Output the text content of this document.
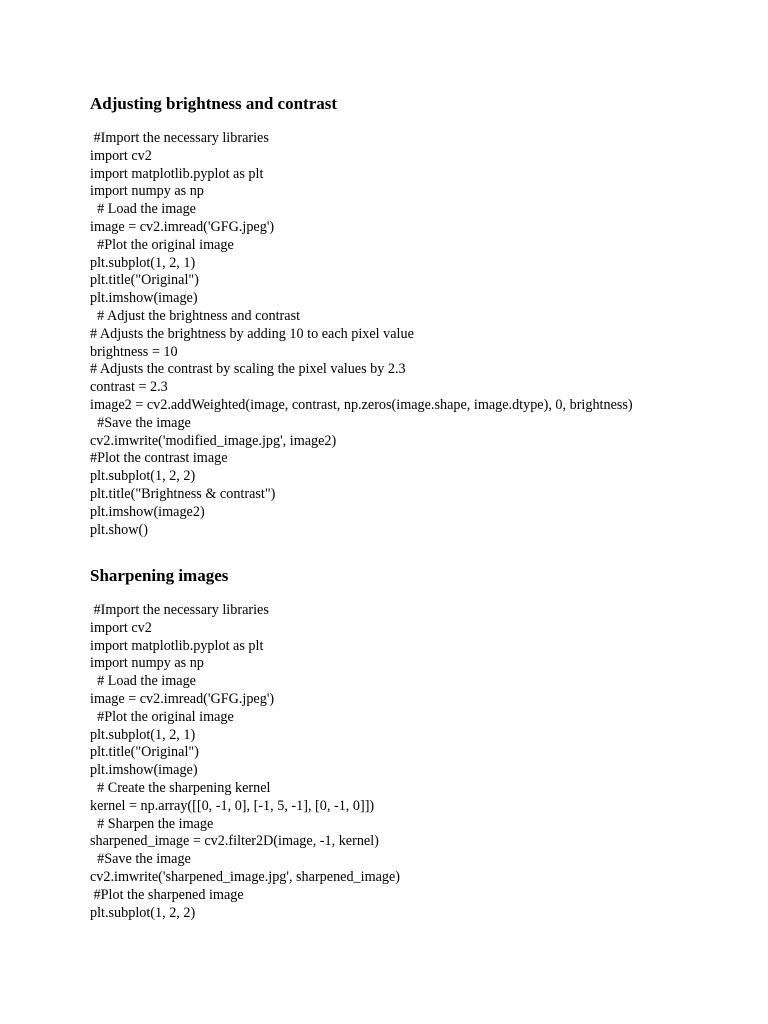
Adjusting brightness and contrast
#Import the necessary libraries
import cv2
import matplotlib.pyplot as plt
import numpy as np
# Load the image
image = cv2.imread('GFG.jpeg')
#Plot the original image
plt.subplot(1, 2, 1)
plt.title("Original")
plt.imshow(image)
# Adjust the brightness and contrast
# Adjusts the brightness by adding 10 to each pixel value
brightness = 10
# Adjusts the contrast by scaling the pixel values by 2.3
contrast = 2.3
image2 = cv2.addWeighted(image, contrast, np.zeros(image.shape, image.dtype), 0, brightness)
#Save the image
cv2.imwrite('modified_image.jpg', image2)
#Plot the contrast image
plt.subplot(1, 2, 2)
plt.title("Brightness & contrast")
plt.imshow(image2)
plt.show()
Sharpening images
#Import the necessary libraries
import cv2
import matplotlib.pyplot as plt
import numpy as np
# Load the image
image = cv2.imread('GFG.jpeg')
#Plot the original image
plt.subplot(1, 2, 1)
plt.title("Original")
plt.imshow(image)
# Create the sharpening kernel
kernel = np.array([[0, -1, 0], [-1, 5, -1], [0, -1, 0]])
# Sharpen the image
sharpened_image = cv2.filter2D(image, -1, kernel)
#Save the image
cv2.imwrite('sharpened_image.jpg', sharpened_image)
#Plot the sharpened image
plt.subplot(1, 2, 2)
